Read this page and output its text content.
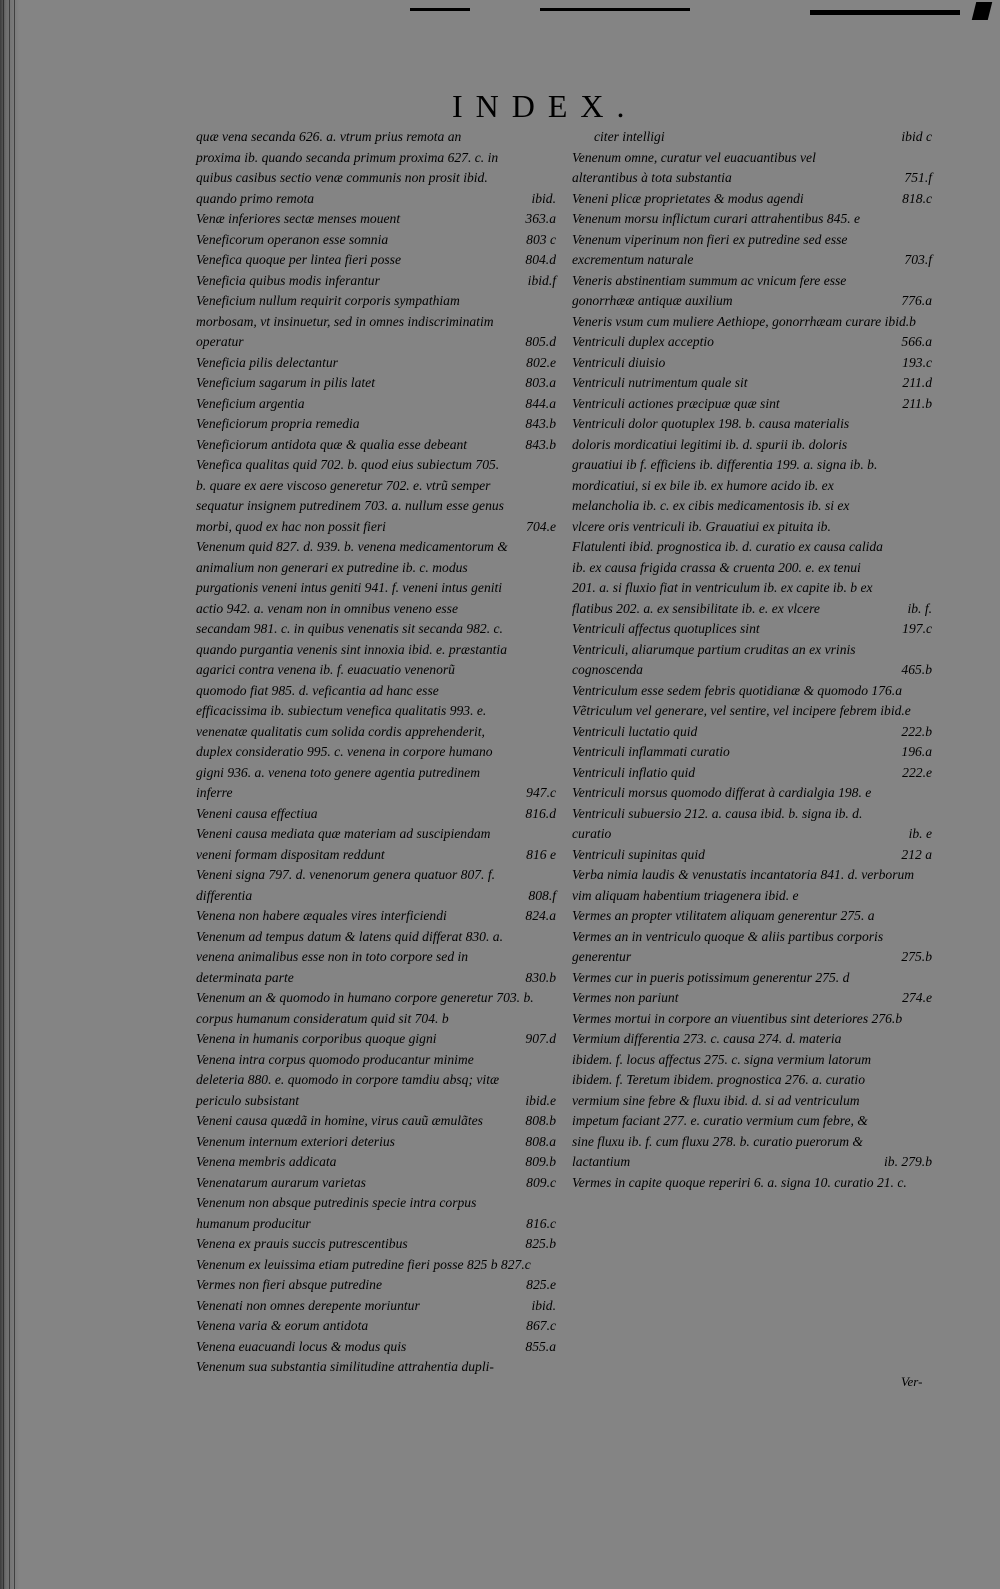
INDEX.
quæ vena secanda 626. a. vtrum prius remota an proxima ib. quando secanda primum proxima 627. c. in quibus casibus sectio venæ communis non prosit ibid. quando primo remota	ibid.
Venæ inferiores sectæ menses mouent	363.a
Veneficorum operanon esse somnia	803 c
Venefica quoque per lintea fieri posse	804.d
Veneficia quibus modis inferantur	ibid.f
Veneficium nullum requirit corporis sympathiam morbosam, vt insinuetur, sed in omnes indiscriminatim operatur	805.d
Veneficia pilis delectantur	802.e
Veneficium sagarum in pilis latet	803.a
Veneficium argentia	844.a
Veneficiorum propria remedia	843.b
Veneficiorum antidota quæ & qualia esse debeant	843.b
Venefica qualitas quid 702. b. quod eius subiectum 705. b. quare ex aere viscoso generetur 702. e. vtrũ semper sequatur insignem putredinem 703. a. nullum esse genus morbi, quod ex hac non possit fieri	704.e
Venenum quid 827. d. 939. b. venena medicamentorum & animalium non generari ex putredine ib. c. modus purgationis veneni intus geniti 941. f. veneni intus geniti actio 942. a. venam non in omnibus veneno esse secandam 981. c. in quibus venenatis sit secanda 982. c. quando purgantia venenis sint innoxia ibid. e. præstantia agarici contra venena ib. f. euacuatio venenorũ quomodo fiat 985. d. veficantia ad hanc esse efficacissima ib. subiectum venefica qualitatis 993. e. venenatæ qualitatis cum solida cordis apprehenderit, duplex consideratio 995. c. venena in corpore humano gigni 936. a. venena toto genere agentia putredinem inferre	947.c
Veneni causa effectiua	816.d
Veneni causa mediata quæ materiam ad suscipiendam veneni formam dispositam reddunt	816 e
Veneni signa 797. d. venenorum genera quatuor 807. f. differentia	808.f
Venena non habere æquales vires interficiendi	824.a
Venenum ad tempus datum & latens quid differat 830. a. venena animalibus esse non in toto corpore sed in determinata parte	830.b
Venenum an & quomodo in humano corpore generetur 703. b. corpus humanum consideratum quid sit 704. b
Venena in humanis corporibus quoque gigni	907.d
Venena intra corpus quomodo producantur minime deleteria 880. e. quomodo in corpore tamdiu absq; vitæ periculo subsistant	ibid.e
Veneni causa quædã in homine, virus cauũ æmulãtes	808.b
Venenum internum exteriori deterius	808.a
Venena membris addicata	809.b
Venenatarum aurarum varietas	809.c
Venenum non absque putredinis specie intra corpus humanum producitur	816.c
Venena ex prauis succis putrescentibus	825.b
Venenum ex leuissima etiam putredine fieri posse 825 b 827.c
Vermes non fieri absque putredine	825.e
Venenati non omnes derepente moriuntur	ibid.
Venena varia & eorum antidota	867.c
Venena euacuandi locus & modus quis	855.a
Venenum sua substantia similitudine attrahentia dupli-
citer intelligi	ibid c
Venenum omne, curatur vel euacuantibus vel alterantibus à tota substantia	751.f
Veneni plicæ proprietates & modus agendi	818.c
Venenum morsu inflictum curari attrahentibus 845. e
Venenum viperinum non fieri ex putredine sed esse excrementum naturale	703.f
Veneris abstinentiam summum ac vnicum fere esse gonorrhææ antiquæ auxilium	776.a
Veneris vsum cum muliere Aethiope, gonorrhæam curare ibid.b
Ventriculi duplex acceptio	566.a
Ventriculi diuisio	193.c
Ventriculi nutrimentum quale sit	211.d
Ventriculi actiones præcipuæ quæ sint	211.b
Ventriculi dolor quotuplex 198. b. causa materialis doloris mordicatiui legitimi ib. d. spurii ib. doloris grauatiui ib f. efficiens ib. differentia 199. a. signa ib. b. mordicatiui, si ex bile ib. ex humore acido ib. ex melancholia ib. c. ex cibis medicamentosis ib. si ex vlcere oris ventriculi ib. Grauatiui ex pituita ib. Flatulenti ibid. prognostica ib. d. curatio ex causa calida ib. ex causa frigida crassa & cruenta 200. e. ex tenui 201. a. si fluxio fiat in ventriculum ib. ex capite ib. b ex flatibus 202. a. ex sensibilitate ib. e. ex vlcere	ib. f.
Ventriculi affectus quotuplices sint	197.c
Ventriculi, aliarumque partium cruditas an ex vrinis cognoscenda	465.b
Ventriculum esse sedem febris quotidianæ & quomodo 176.a
Vẽtriculum vel generare, vel sentire, vel incipere febrem ibid.e
Ventriculi luctatio quid	222.b
Ventriculi inflammati curatio	196.a
Ventriculi inflatio quid	222.e
Ventriculi morsus quomodo differat à cardialgia 198. e
Ventriculi subuersio 212. a. causa ibid. b. signa ib. d. curatio	ib. e
Ventriculi supinitas quid	212 a
Verba nimia laudis & venustatis incantatoria 841. d. verborum vim aliquam habentium triagenera ibid. e
Vermes an propter vtilitatem aliquam generentur 275. a
Vermes an in ventriculo quoque & aliis partibus corporis generentur	275.b
Vermes cur in pueris potissimum generentur 275. d
Vermes non pariunt	274.e
Vermes mortui in corpore an viuentibus sint deteriores 276.b
Vermium differentia 273. c. causa 274. d. materia ibidem. f. locus affectus 275. c. signa vermium latorum ibidem. f. Teretum ibidem. prognostica 276. a. curatio vermium sine febre & fluxu ibid. d. si ad ventriculum impetum faciant 277. e. curatio vermium cum febre, & sine fluxu ib. f. cum fluxu 278. b. curatio puerorum & lactantium	ib. 279.b
Vermes in capite quoque reperiri 6. a. signa 10. curatio 21. c.
Ver-
